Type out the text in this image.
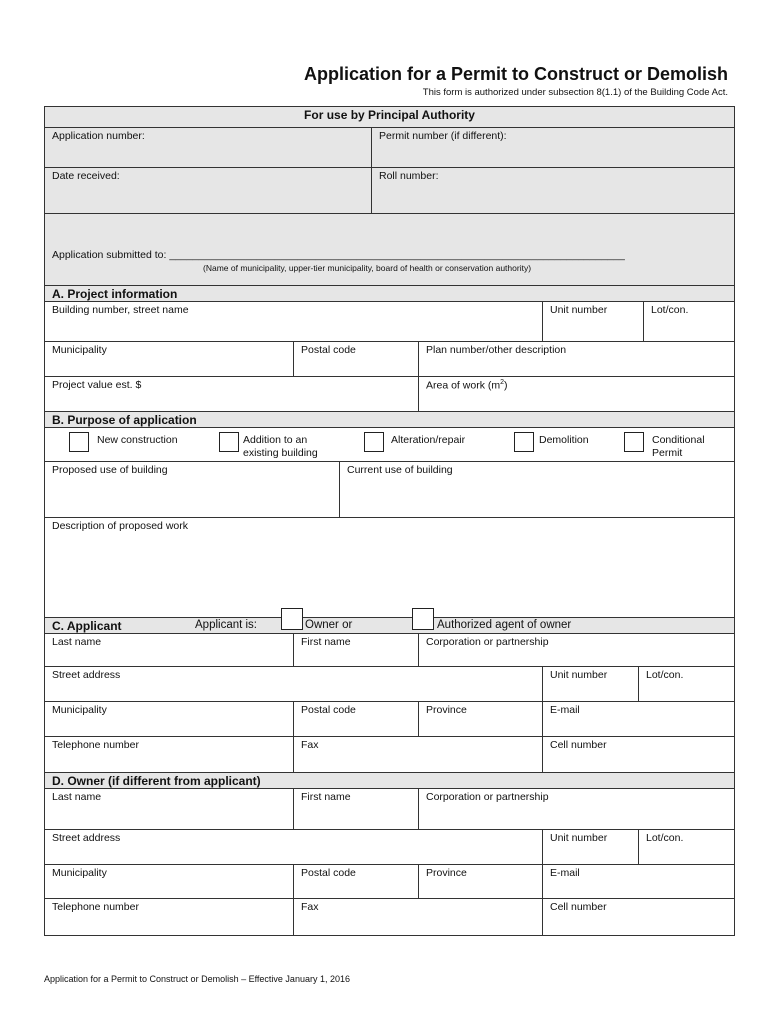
Application for a Permit to Construct or Demolish
This form is authorized under subsection 8(1.1) of the Building Code Act.
For use by Principal Authority
Application number:	Permit number (if different):
Date received:	Roll number:
Application submitted to: ______________________________________________________________________________
(Name of municipality, upper-tier municipality, board of health or conservation authority)
A. Project information
Building number, street name	Unit number	Lot/con.
Municipality	Postal code	Plan number/other description
Project value est. $	Area of work $(m^2)$
B. Purpose of application
New construction	Addition to an
existing building
Alteration/repair	Demolition	Conditional
Permit
Proposed use of building	Current use of building
Description of proposed work
C. Applicant	Applicant is:	Owner or	Authorized agent of owner
Last name	First name	Corporation or partnership
Street address	Unit number	Lot/con.
Municipality	Postal code	Province	E-mail
Telephone number	Fax	Cell number
D. Owner (if different from applicant)
Last name	First name	Corporation or partnership
Street address	Unit number	Lot/con.
Municipality	Postal code	Province	E-mail
Telephone number	Fax	Cell number
Application for a Permit to Construct or Demolish – Effective January 1, 2016
